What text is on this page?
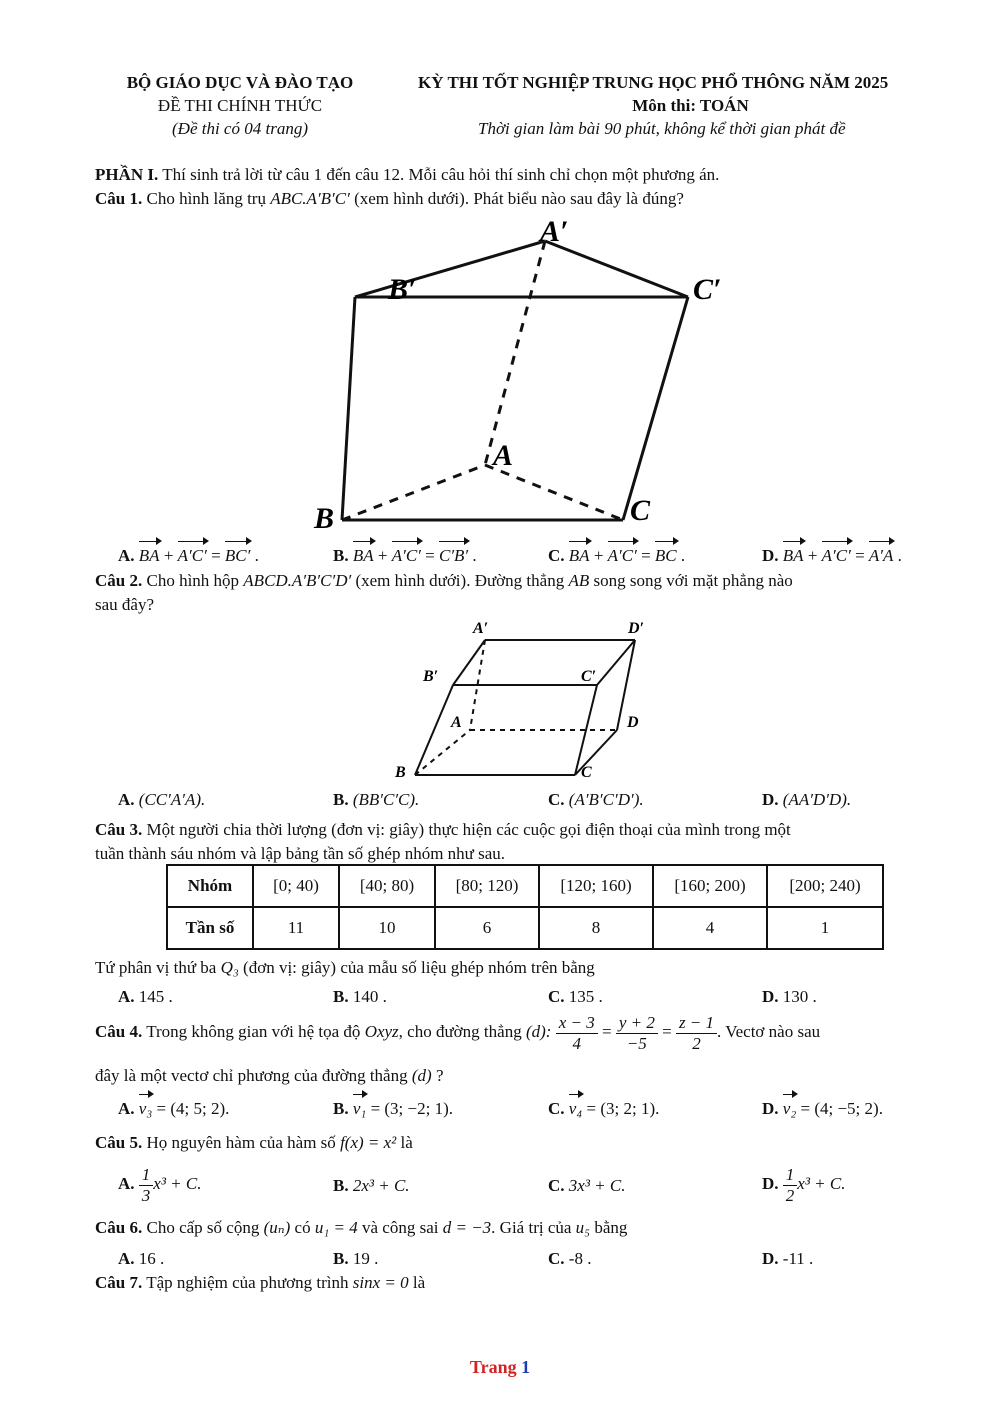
BỘ GIÁO DỤC VÀ ĐÀO TẠO
ĐỀ THI CHÍNH THỨC
(Đề thi có 04 trang)
KỲ THI TỐT NGHIỆP TRUNG HỌC PHỔ THÔNG NĂM 2025
Môn thi: TOÁN
Thời gian làm bài 90 phút, không kể thời gian phát đề
PHẦN I. Thí sinh trả lời từ câu 1 đến câu 12. Mỗi câu hỏi thí sinh chỉ chọn một phương án.
Câu 1. Cho hình lăng trụ ABC.A′B′C′ (xem hình dưới). Phát biểu nào sau đây là đúng?
A′
B′	C′
A
B	C
A. BA + A′C′ = BC′ .	B. BA + A′C′ = C′B′ .	C. BA + A′C′ = BC .	D. BA + A′C′ = A′A .
Câu 2. Cho hình hộp ABCD.A′B′C′D′ (xem hình dưới). Đường thẳng AB song song với mặt phẳng nào
sau đây?
A′	D′
B′	C′
A	D
B	C
A. (CC′A′A).	B. (BB′C′C).	C. (A′B′C′D′).	D. (AA′D′D).
Câu 3. Một người chia thời lượng (đơn vị: giây) thực hiện các cuộc gọi điện thoại của mình trong một
tuần thành sáu nhóm và lập bảng tần số ghép nhóm như sau.
Nhóm	[0; 40)	[40; 80)	[80; 120)	[120; 160)	[160; 200)	[200; 240)
Tần số	11	10	6	8	4	1
Tứ phân vị thứ ba Q₃ (đơn vị: giây) của mẫu số liệu ghép nhóm trên bằng
A. 145 .	B. 140 .	C. 135 .	D. 130 .
Câu 4. Trong không gian với hệ tọa độ Oxyz, cho đường thẳng (d): $\frac{x - 3}{4} = \frac{y + 2}{-5} = \frac{z - 1}{2}$ . Vectơ nào sau
đây là một vectơ chỉ phương của đường thẳng (d) ?
A. v₃ = (4; 5; 2).	B. v₁ = (3; −2; 1).	C. v₄ = (3; 2; 1).	D. v₂ = (4; −5; 2).
Câu 5. Họ nguyên hàm của hàm số f(x) = x² là
A. $\frac{1}{3} x^3 + C$.	B. 2x³ + C.	C. 3x³ + C.	D. $\frac{1}{2} x^3 + C$.
Câu 6. Cho cấp số cộng (uₙ) có u₁ = 4 và công sai d = −3. Giá trị của u₅ bằng
A. 16 .	B. 19 .	C. -8 .	D. -11 .
Câu 7. Tập nghiệm của phương trình sinx = 0 là
Trang 1
